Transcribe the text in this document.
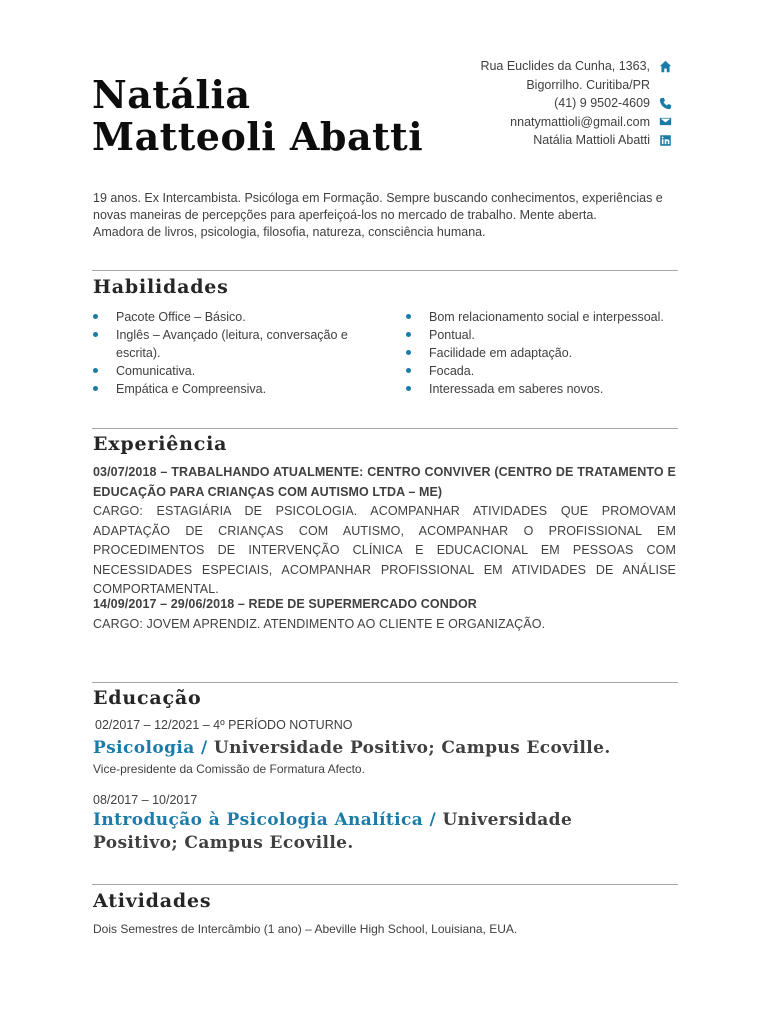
Natália
Matteoli Abatti
Rua Euclides da Cunha, 1363,
Bigorrilho. Curitiba/PR
(41) 9 9502-4609
nnatymattioli@gmail.com
Natália Mattioli Abatti
19 anos. Ex Intercambista. Psicóloga em Formação. Sempre buscando conhecimentos, experiências e
novas maneiras de percepções para aperfeiçoá-los no mercado de trabalho. Mente aberta.
Amadora de livros, psicologia, filosofia, natureza, consciência humana.
Habilidades
Pacote Office – Básico.
Inglês – Avançado (leitura, conversação e escrita).
Comunicativa.
Empática e Compreensiva.
Bom relacionamento social e interpessoal.
Pontual.
Facilidade em adaptação.
Focada.
Interessada em saberes novos.
Experiência
03/07/2018 – TRABALHANDO ATUALMENTE: CENTRO CONVIVER (CENTRO DE TRATAMENTO E EDUCAÇÃO PARA CRIANÇAS COM AUTISMO LTDA – ME)
CARGO: ESTAGIÁRIA DE PSICOLOGIA. ACOMPANHAR ATIVIDADES QUE PROMOVAM ADAPTAÇÃO DE CRIANÇAS COM AUTISMO, ACOMPANHAR O PROFISSIONAL EM PROCEDIMENTOS DE INTERVENÇÃO CLÍNICA E EDUCACIONAL EM PESSOAS COM NECESSIDADES ESPECIAIS, ACOMPANHAR PROFISSIONAL EM ATIVIDADES DE ANÁLISE COMPORTAMENTAL.
14/09/2017 – 29/06/2018 – REDE DE SUPERMERCADO CONDOR
CARGO: JOVEM APRENDIZ. ATENDIMENTO AO CLIENTE E ORGANIZAÇÃO.
Educação
02/2017 – 12/2021 – 4º PERÍODO NOTURNO
Psicologia / Universidade Positivo; Campus Ecoville.
Vice-presidente da Comissão de Formatura Afecto.
08/2017 – 10/2017
Introdução à Psicologia Analítica / Universidade Positivo; Campus Ecoville.
Atividades
Dois Semestres de Intercâmbio (1 ano) – Abeville High School, Louisiana, EUA.
